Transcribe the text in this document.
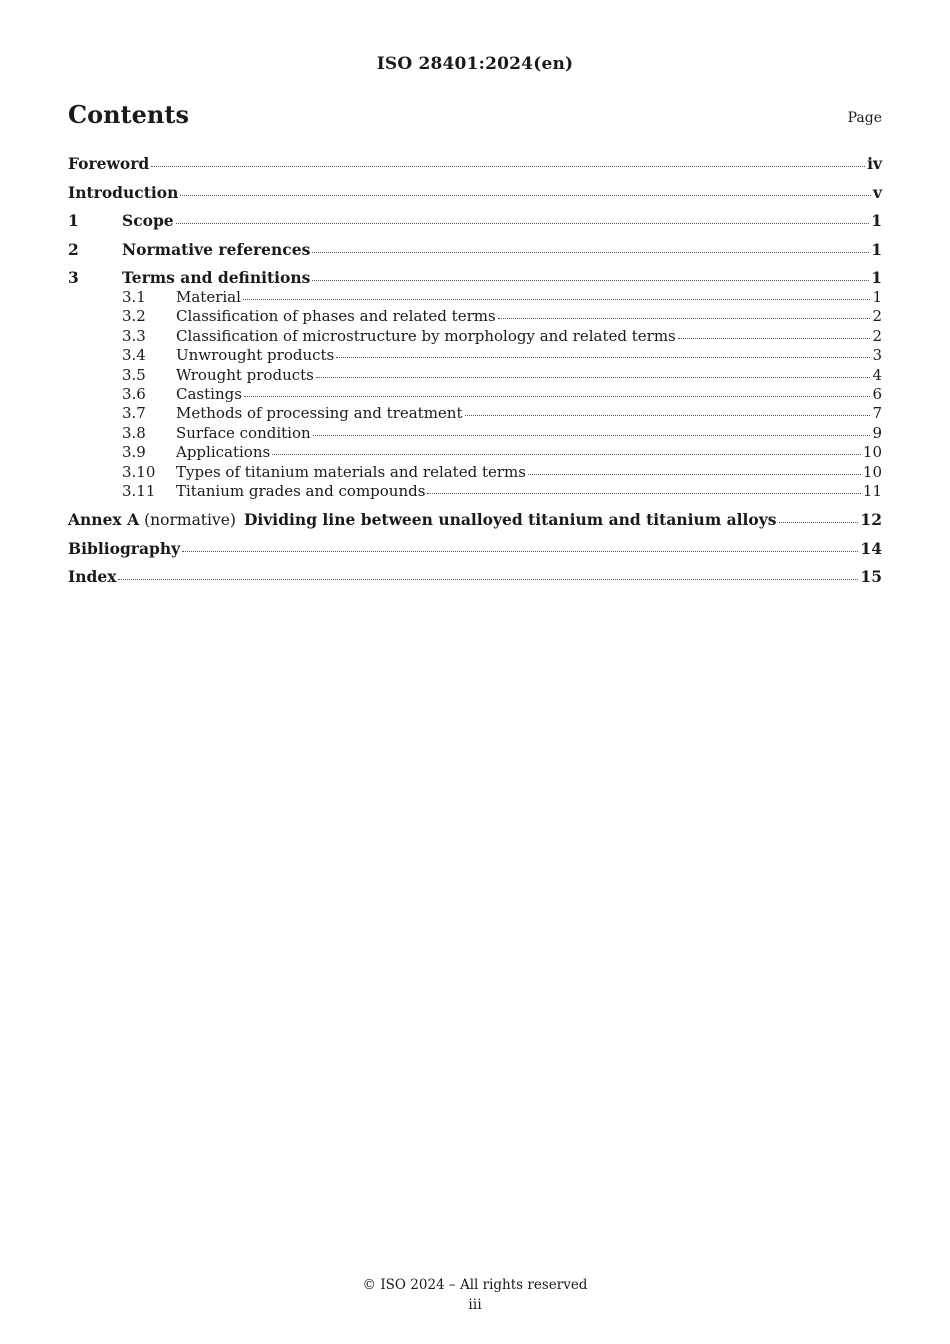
ISO 28401:2024(en)
Contents	Page
Foreword	iv
Introduction	v
1	Scope	1
2	Normative references	1
3	Terms and definitions	1
3.1	Material	1
3.2	Classification of phases and related terms	2
3.3	Classification of microstructure by morphology and related terms	2
3.4	Unwrought products	3
3.5	Wrought products	4
3.6	Castings	6
3.7	Methods of processing and treatment	7
3.8	Surface condition	9
3.9	Applications	10
3.10	Types of titanium materials and related terms	10
3.11	Titanium grades and compounds	11
Annex A (normative) Dividing line between unalloyed titanium and titanium alloys	12
Bibliography	14
Index	15
© ISO 2024 – All rights reserved
iii
